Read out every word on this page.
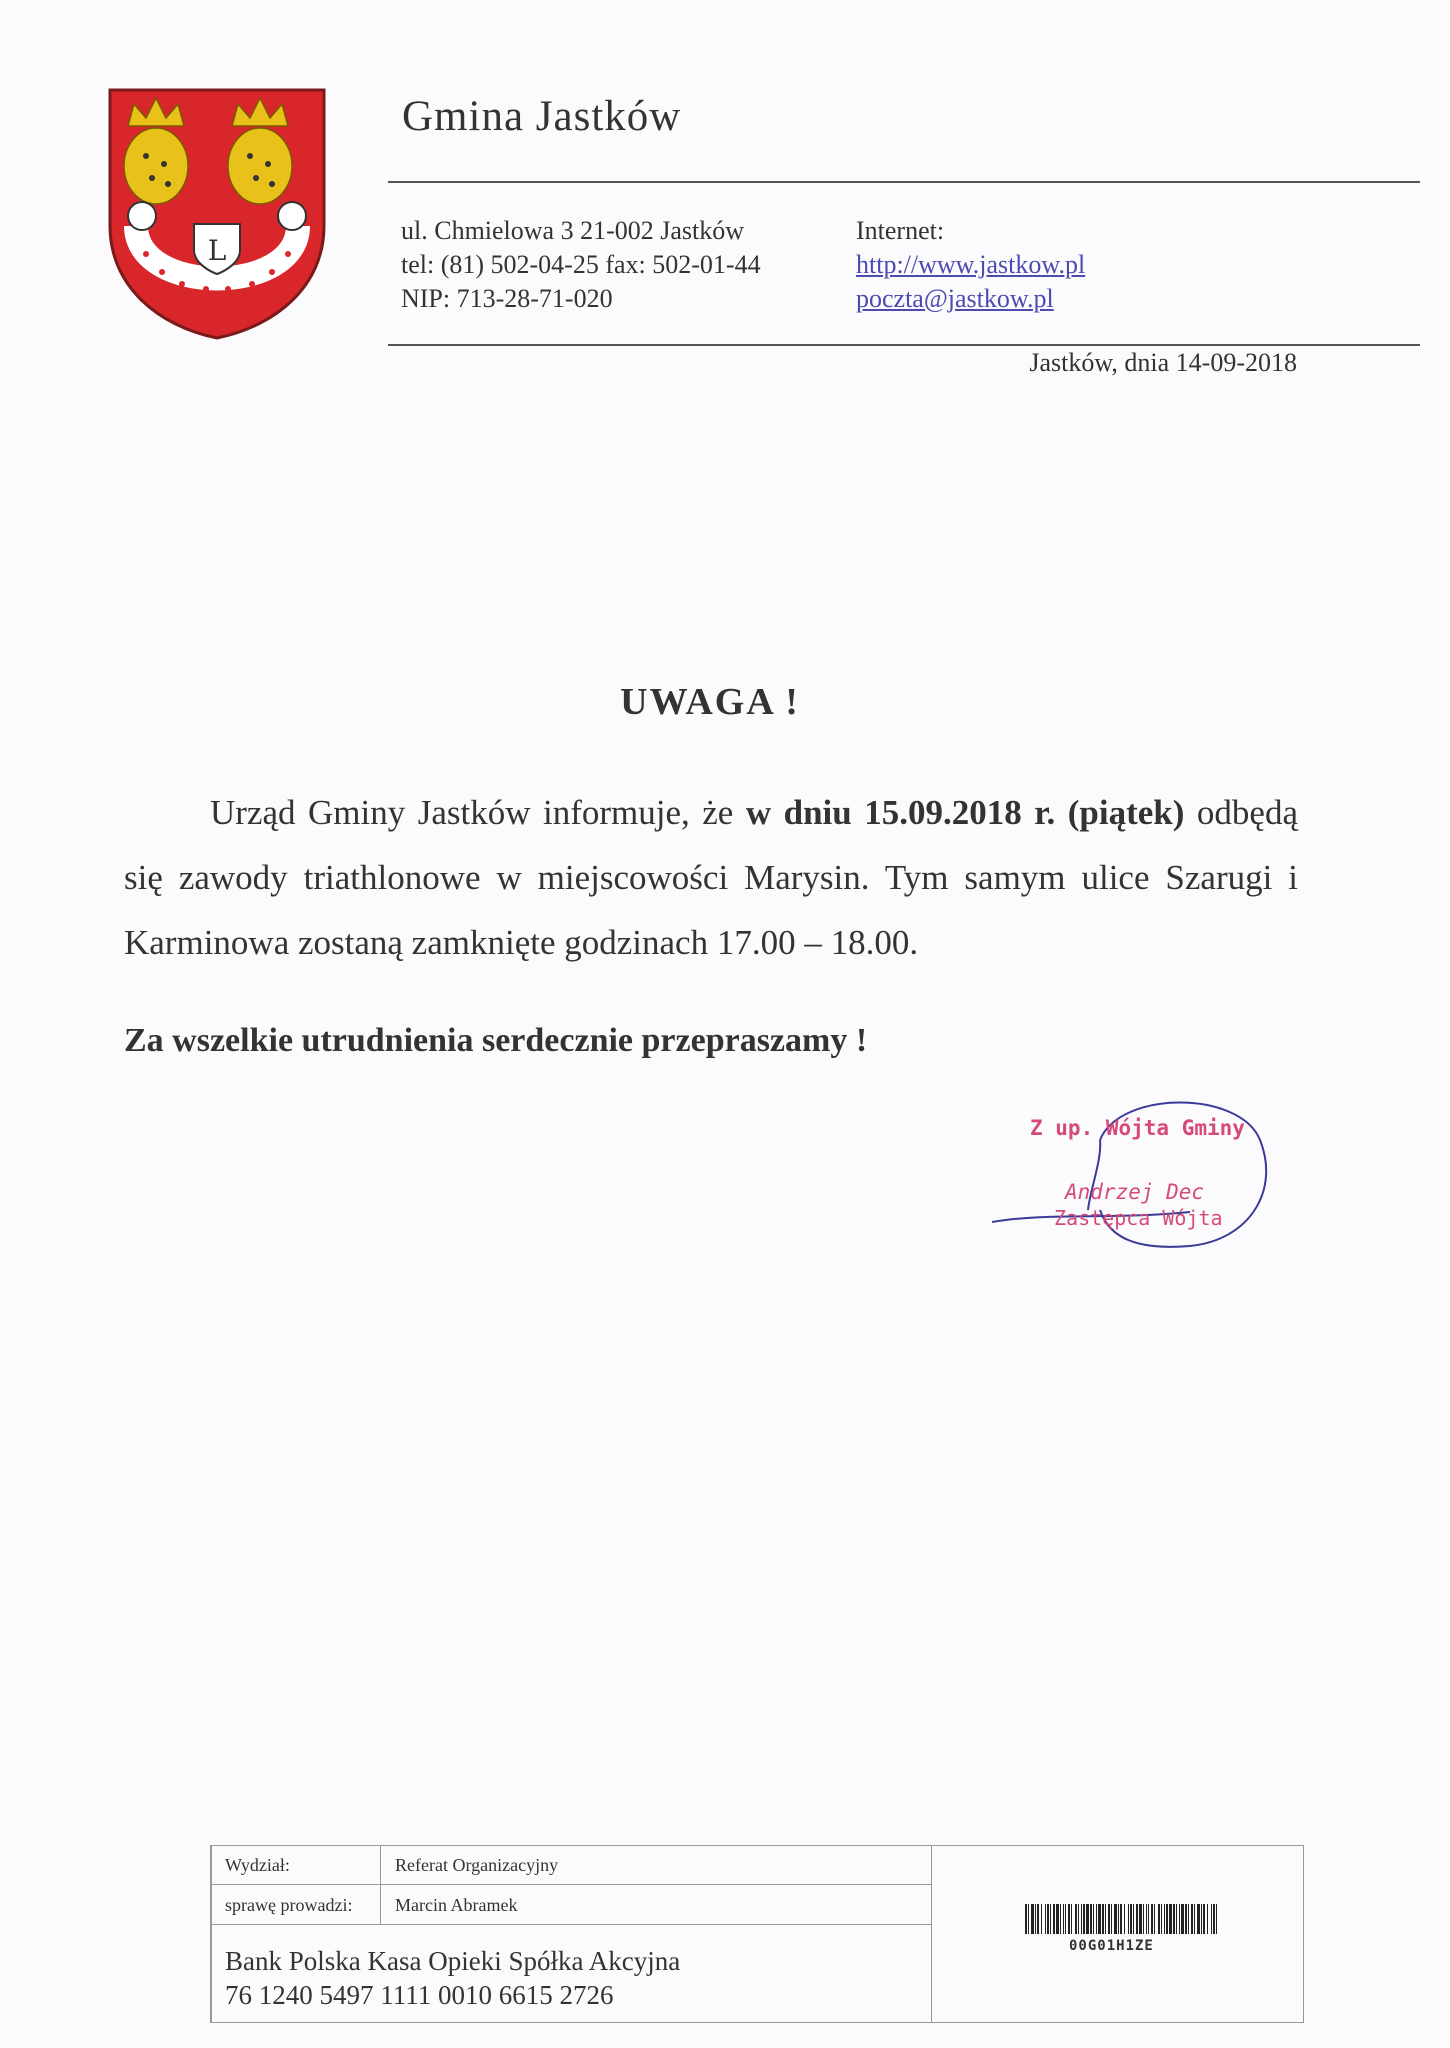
L
Gmina Jastków
ul. Chmielowa 3 21-002 Jastków
tel: (81) 502-04-25 fax: 502-01-44
NIP: 713-28-71-020
Internet:
http://www.jastkow.pl
poczta@jastkow.pl
Jastków, dnia 14-09-2018
UWAGA !
Urząd Gminy Jastków informuje, że w dniu 15.09.2018 r. (piątek) odbędą się zawody triathlonowe w miejscowości Marysin. Tym samym ulice Szarugi i Karminowa zostaną zamknięte godzinach 17.00 – 18.00.
Za wszelkie utrudnienia serdecznie przepraszamy !
Z up. Wójta Gminy
Andrzej Dec
Zastępca Wójta
Wydział:	Referat Organizacyjny
sprawę prowadzi: Marcin Abramek
Bank Polska Kasa Opieki Spółka Akcyjna
76 1240 5497 1111 0010 6615 2726
00G01H1ZE
